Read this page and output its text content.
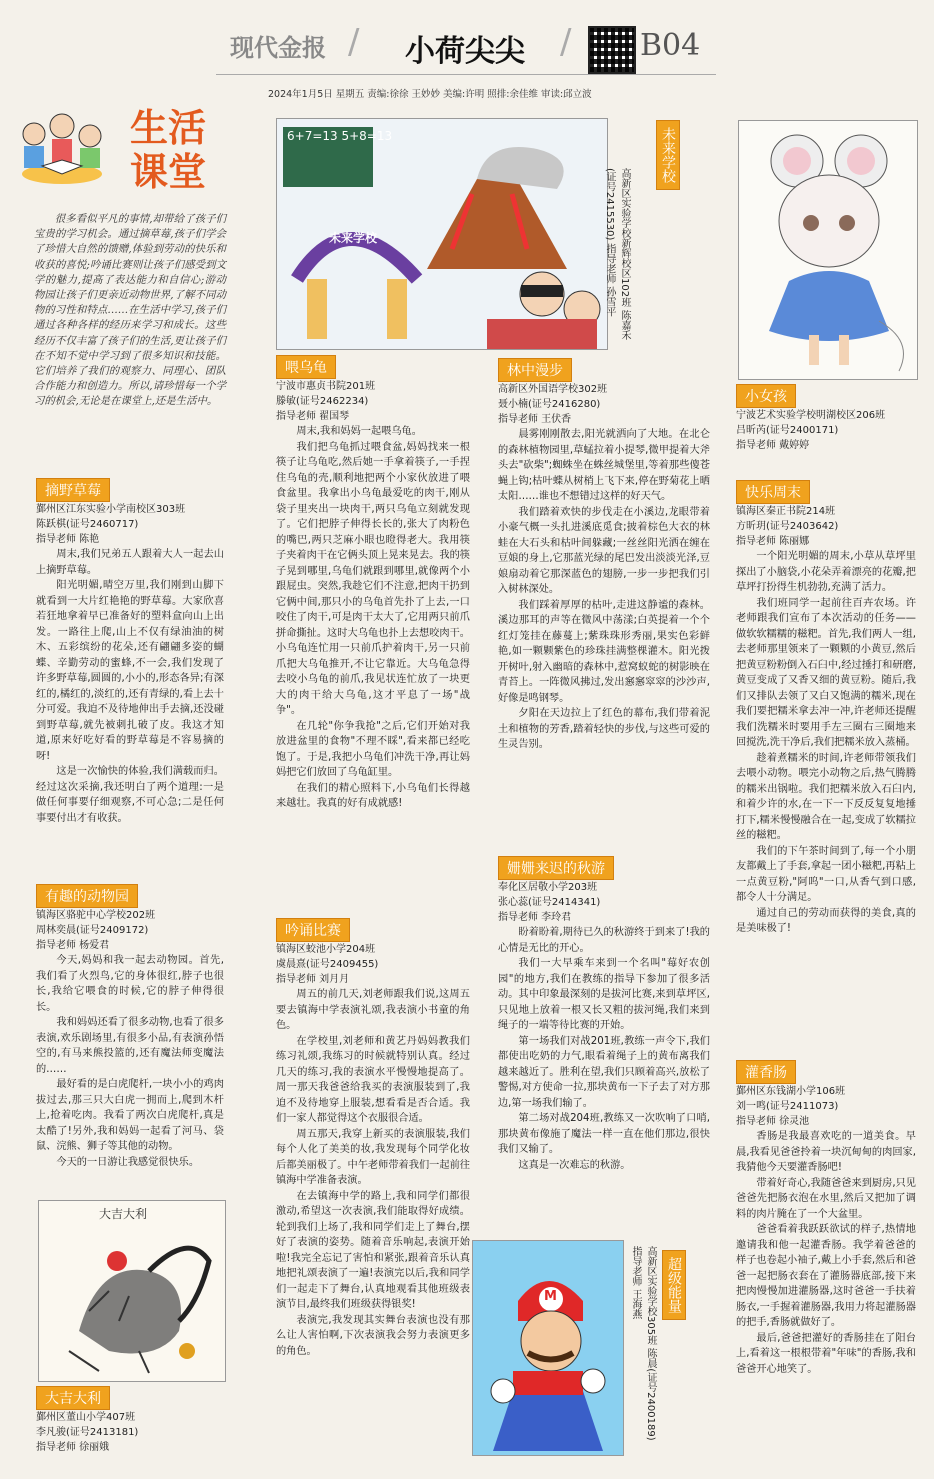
现代金报 / 小荷尖尖 / B04
2024年1月5日 星期五 责编:徐徐 王妙妙 美编:许明 照排:余佳维 审读:邱立波
生活
课堂

很多看似平凡的事情,却带给了孩子们宝贵的学习机会。通过摘草莓,孩子们学会了珍惜大自然的馈赠,体验到劳动的快乐和收获的喜悦;吟诵比赛则让孩子们感受到文学的魅力,提高了表达能力和自信心;游动物园让孩子们更亲近动物世界,了解不同动物的习性和特点……在生活中学习,孩子们通过各种各样的经历来学习和成长。这些经历不仅丰富了孩子们的生活,更让孩子们在不知不觉中学习到了很多知识和技能。它们培养了我们的观察力、同理心、团队合作能力和创造力。所以,请珍惜每一个学习的机会,无论是在课堂上,还是生活中。

摘野草莓
鄞州区江东实验小学南校区303班
陈跃棋(证号2460717)
指导老师 陈艳

周末,我们兄弟五人跟着大人一起去山上摘野草莓。

阳光明媚,晴空万里,我们刚到山脚下就看到一大片红艳艳的野草莓。大家欣喜若狂地拿着早已准备好的塑料盒向山上出发。一路往上爬,山上不仅有绿油油的树木、五彩缤纷的花朵,还有翩翩多姿的蝴蝶、辛勤劳动的蜜蜂,不一会,我们发现了许多野草莓,圆圆的,小小的,形态各异;有深红的,橘红的,淡红的,还有青绿的,看上去十分可爱。我迫不及待地伸出手去摘,还没碰到野草莓,就先被刺扎破了皮。我这才知道,原来好吃好看的野草莓是不容易摘的呀!

这是一次愉快的体验,我们满载而归。经过这次采摘,我还明白了两个道理:一是做任何事要仔细观察,不可心急;二是任何事要付出才有收获。

有趣的动物园
镇海区骆驼中心学校202班
周林奕晨(证号2409172)
指导老师 杨爱君

今天,妈妈和我一起去动物园。首先,我们看了火烈鸟,它的身体很红,脖子也很长,我给它喂食的时候,它的脖子伸得很长。

我和妈妈还看了很多动物,也看了很多表演,欢乐剧场里,有很多小品,有表演孙悟空的,有马来熊投篮的,还有魔法师变魔法的……

最好看的是白虎爬杆,一块小小的鸡肉拔过去,那三只大白虎一拥而上,爬到木杆上,抢着吃肉。我看了两次白虎爬杆,真是太酷了!另外,我和妈妈一起看了河马、袋鼠、浣熊、狮子等其他的动物。

今天的一日游让我感觉很快乐。

大吉大利
大吉大利
鄞州区董山小学407班
李凡骏(证号2413181)
指导老师 徐丽娥
6+7=13 5+8=13
未来学校
未来学校
高新区实验学校新辉校区102班 陈嘉禾(证号2415530) 指导老师 孙雪平
喂乌龟
宁波市惠贞书院201班
滕敏(证号2462234)
指导老师 翟国琴

周末,我和妈妈一起喂乌龟。

我们把乌龟抓过喂食盆,妈妈找来一根筷子让乌龟吃,然后她一手拿着筷子,一手捏住乌龟的壳,顺利地把两个小家伙放进了喂食盆里。我拿出小乌龟最爱吃的肉干,刚从袋子里夹出一块肉干,两只乌龟立刻就发现了。它们把脖子伸得长长的,张大了肉粉色的嘴巴,两只芝麻小眼也瞪得老大。我用筷子夹着肉干在它俩头顶上晃来晃去。我的筷子晃到哪里,乌龟们就跟到哪里,就像两个小跟屁虫。突然,我趁它们不注意,把肉干扔到它俩中间,那只小的乌龟首先扑了上去,一口咬住了肉干,可是肉干太大了,它用两只前爪拼命撕扯。这时大乌龟也扑上去想咬肉干。小乌龟连忙用一只前爪护着肉干,另一只前爪把大乌龟推开,不让它靠近。大乌龟急得去咬小乌龟的前爪,我见状连忙放了一块更大的肉干给大乌龟,这才平息了一场"战争"。

在几轮"你争我抢"之后,它们开始对我放进盆里的食物"不理不睬",看来都已经吃饱了。于是,我把小乌龟们冲洗干净,再让妈妈把它们放回了乌龟缸里。

在我们的精心照料下,小乌龟们长得越来越壮。我真的好有成就感!

吟诵比赛
镇海区蛟池小学204班
虞晨熹(证号2409455)
指导老师 刘月月

周五的前几天,刘老师跟我们说,这周五要去镇海中学表演礼颂,我表演小书童的角色。

在学校里,刘老师和黄艺丹妈妈教我们练习礼颂,我练习的时候就特别认真。经过几天的练习,我的表演水平慢慢地提高了。周一那天我爸爸给我买的表演服装到了,我迫不及待地穿上服装,想看看是否合适。我们一家人都觉得这个衣服很合适。

周五那天,我穿上新买的表演服装,我们每个人化了美美的妆,我发现每个同学化妆后都美丽极了。中午老师带着我们一起前往镇海中学准备表演。

在去镇海中学的路上,我和同学们都很激动,希望这一次表演,我们能取得好成绩。轮到我们上场了,我和同学们走上了舞台,摆好了表演的姿势。随着音乐响起,表演开始啦!我完全忘记了害怕和紧张,跟着音乐认真地把礼颂表演了一遍!表演完以后,我和同学们一起走下了舞台,认真地观看其他班级表演节目,最终我们班级获得银奖!

表演完,我发现其实舞台表演也没有那么让人害怕啊,下次表演我会努力表演更多的角色。

林中漫步
高新区外国语学校302班
聂小楠(证号2416280)
指导老师 王伏香

晨雾刚刚散去,阳光就洒向了大地。在北仑的森林植物园里,草蜢拉着小提琴,微甲提着大斧头去"砍柴";蜘蛛坐在蛛丝城堡里,等着那些傻苍蝇上钩;枯叶蝶从树梢上飞下来,停在野菊花上晒太阳……谁也不想错过这样的好天气。

我们踏着欢快的步伐走在小溪边,龙眼带着小豪气概一头扎进溪底觅食;披着棕色大衣的林蛙在大石头和枯叶间躲藏;一丝丝阳光洒在缠在豆娘的身上,它那蓝光绿的尾巴发出淡淡光泽,豆娘扇动着它那深蓝色的翅膀,一步一步把我们引入树林深处。

我们踩着厚厚的枯叶,走进这静谧的森林。溪边那耳的声等在微风中荡漾;白英提着一个个红灯笼挂在藤蔓上;紫珠珠形秀丽,果实色彩鲜艳,如一颗颗紫色的珍珠挂满整棵灌木。阳光拨开树叶,射入幽暗的森林中,惹窝蚁蛇的树影映在青苔上。一阵微风拂过,发出窸窸窣窣的沙沙声,好像是鸣钢琴。

夕阳在天边拉上了红色的幕布,我们带着泥土和植物的芳香,踏着轻快的步伐,与这些可爱的生灵告别。

姗姗来迟的秋游
奉化区居敬小学203班
张心蕊(证号2414341)
指导老师 李玲君

盼着盼着,期待已久的秋游终于到来了!我的心情是无比的开心。

我们一大早乘车来到一个名叫"莓好农创园"的地方,我们在教练的指导下参加了很多活动。其中印象最深刻的是拔河比赛,来到草坪区,只见地上放着一根又长又粗的拔河绳,我们来到绳子的一端等待比赛的开始。

第一场我们对战201班,教练一声令下,我们都使出吃奶的力气,眼看着绳子上的黄布离我们越来越近了。胜利在望,我们只顾着高兴,放松了警惕,对方使命一拉,那块黄布一下子去了对方那边,第一场我们输了。

第二场对战204班,教练又一次吹响了口哨,那块黄布像施了魔法一样一直在他们那边,很快我们又输了。

这真是一次难忘的秋游。

M	超级能量
高新区实验学校305班 陈晨(证号2400189) 指导老师 王海燕
小女孩
宁波艺术实验学校明湖校区206班
吕昕芮(证号2400171)
指导老师 戴婷婷
快乐周末
镇海区秦正书院214班
方昕玥(证号2403642)
指导老师 陈丽娜

一个阳光明媚的周末,小草从草坪里探出了小脑袋,小花朵弄着漂亮的花瓣,把草坪打扮得生机勃勃,充满了活力。

我们班同学一起前往百卉农场。许老师跟我们宣布了本次活动的任务——做软软糯糯的糍粑。首先,我们两人一组,去老师那里领来了一颗颗的小黄豆,然后把黄豆粉粉倒入石臼中,经过捶打和研磨,黄豆变成了又香又细的黄豆粉。随后,我们又排队去领了又白又饱满的糯米,现在我们要把糯米拿去冲一冲,许老师还提醒我们洗糯米时要用手左三圈右三圈地来回搅洗,洗干净后,我们把糯米放入蒸桶。

趁着煮糯米的时间,许老师带领我们去喂小动物。喂完小动物之后,热气腾腾的糯米出锅啦。我们把糯米放入石臼内,和着少许的水,在一下一下反反复复地捶打下,糯米慢慢融合在一起,变成了软糯拉丝的糍粑。

我们的下午茶时间到了,每一个小朋友都戴上了手套,拿起一团小糍粑,再粘上一点黄豆粉,"阿呜"一口,从香气到口感,都令人十分满足。

通过自己的劳动而获得的美食,真的是美味极了!

灌香肠
鄞州区东钱湖小学106班
刘一鸣(证号2411073)
指导老师 徐灵池

香肠是我最喜欢吃的一道美食。早晨,我看见爸爸拎着一块沉甸甸的肉回家,我猜他今天要灌香肠吧!

带着好奇心,我随爸爸来到厨房,只见爸爸先把肠衣泡在水里,然后又把加了调料的肉片腌在了一个大盆里。

爸爸看着我跃跃欲试的样子,热情地邀请我和他一起灌香肠。我学着爸爸的样子也卷起小袖子,戴上小手套,然后和爸爸一起把肠衣套在了灌肠器底部,接下来把肉慢慢加进灌肠器,这时爸爸一手扶着肠衣,一手握着灌肠器,我用力将起灌肠器的把手,香肠就做好了。

最后,爸爸把灌好的香肠挂在了阳台上,看着这一根根带着"年味"的香肠,我和爸爸开心地笑了。
